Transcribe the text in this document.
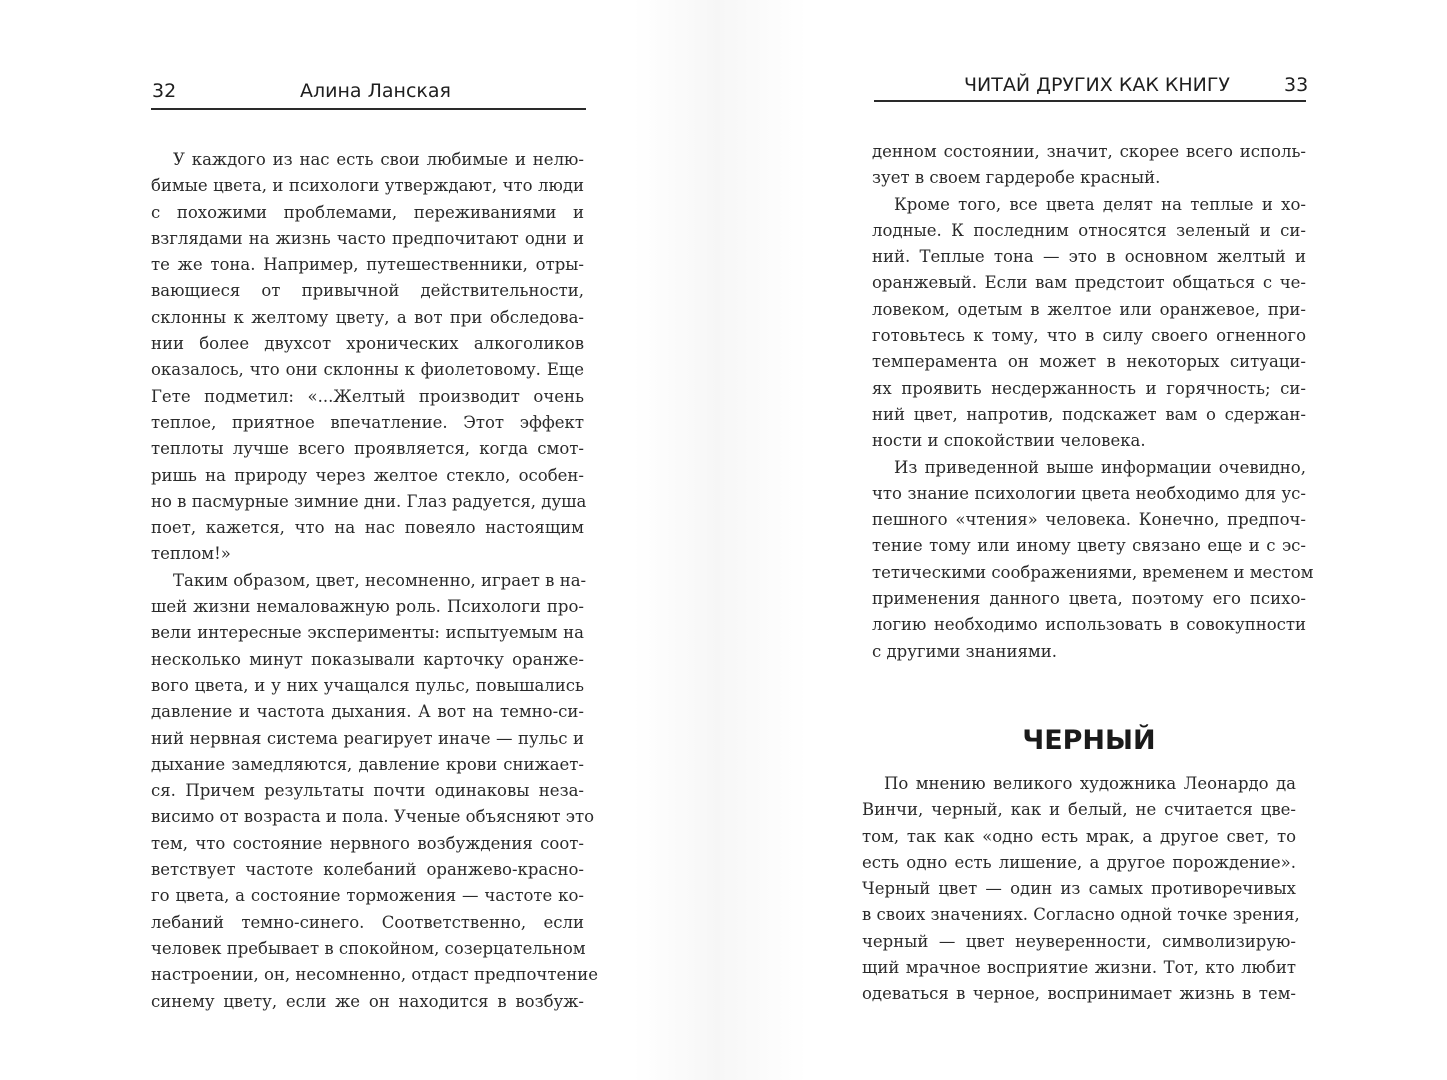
32	Алина Ланская
У каждого из нас есть свои любимые и нелю-
бимые цвета, и психологи утверждают, что люди
с похожими проблемами, переживаниями и
взглядами на жизнь часто предпочитают одни и
те же тона. Например, путешественники, отры-
вающиеся от привычной действительности,
склонны к желтому цвету, а вот при обследова-
нии более двухсот хронических алкоголиков
оказалось, что они склонны к фиолетовому. Еще
Гете подметил: «...Желтый производит очень
теплое, приятное впечатление. Этот эффект
теплоты лучше всего проявляется, когда смот-
ришь на природу через желтое стекло, особен-
но в пасмурные зимние дни. Глаз радуется, душа
поет, кажется, что на нас повеяло настоящим
теплом!»
Таким образом, цвет, несомненно, играет в на-
шей жизни немаловажную роль. Психологи про-
вели интересные эксперименты: испытуемым на
несколько минут показывали карточку оранже-
вого цвета, и у них учащался пульс, повышались
давление и частота дыхания. А вот на темно-си-
ний нервная система реагирует иначе — пульс и
дыхание замедляются, давление крови снижает-
ся. Причем результаты почти одинаковы неза-
висимо от возраста и пола. Ученые объясняют это
тем, что состояние нервного возбуждения соот-
ветствует частоте колебаний оранжево-красно-
го цвета, а состояние торможения — частоте ко-
лебаний темно-синего. Соответственно, если
человек пребывает в спокойном, созерцательном
настроении, он, несомненно, отдаст предпочтение
синему цвету, если же он находится в возбуж-
ЧИТАЙ ДРУГИХ КАК КНИГУ	33
денном состоянии, значит, скорее всего исполь-
зует в своем гардеробе красный.
Кроме того, все цвета делят на теплые и хо-
лодные. К последним относятся зеленый и си-
ний. Теплые тона — это в основном желтый и
оранжевый. Если вам предстоит общаться с че-
ловеком, одетым в желтое или оранжевое, при-
готовьтесь к тому, что в силу своего огненного
темперамента он может в некоторых ситуаци-
ях проявить несдержанность и горячность; си-
ний цвет, напротив, подскажет вам о сдержан-
ности и спокойствии человека.
Из приведенной выше информации очевидно,
что знание психологии цвета необходимо для ус-
пешного «чтения» человека. Конечно, предпоч-
тение тому или иному цвету связано еще и с эс-
тетическими соображениями, временем и местом
применения данного цвета, поэтому его психо-
логию необходимо использовать в совокупности
с другими знаниями.
ЧЕРНЫЙ
По мнению великого художника Леонардо да
Винчи, черный, как и белый, не считается цве-
том, так как «одно есть мрак, а другое свет, то
есть одно есть лишение, а другое порождение».
Черный цвет — один из самых противоречивых
в своих значениях. Согласно одной точке зрения,
черный — цвет неуверенности, символизирую-
щий мрачное восприятие жизни. Тот, кто любит
одеваться в черное, воспринимает жизнь в тем-
